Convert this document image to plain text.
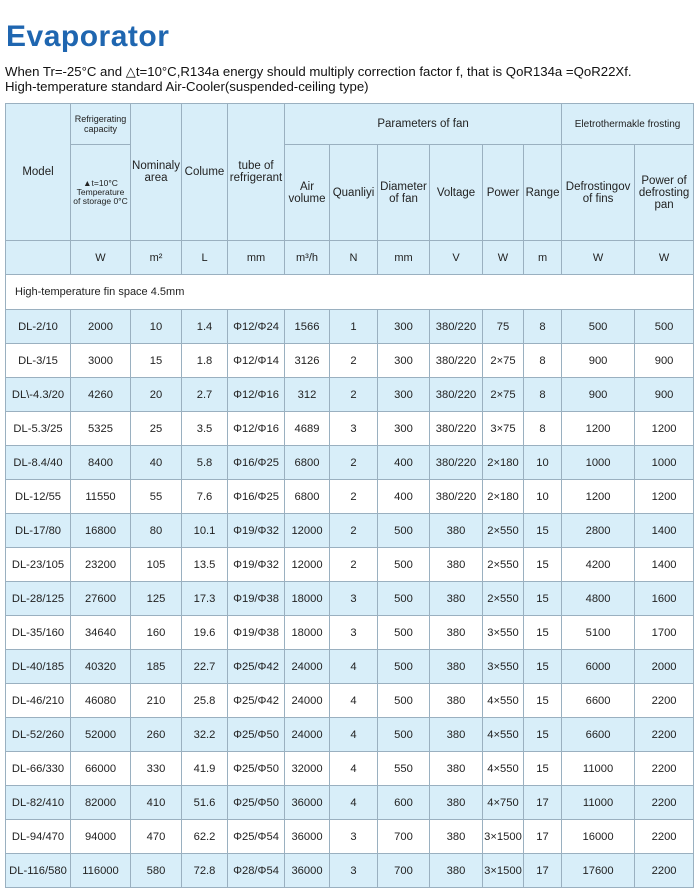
Evaporator
When Tr=-25°C and △t=10°C,R134a energy should multiply correction factor f, that is QoR134a =QoR22Xf.
High-temperature standard Air-Cooler(suspended-ceiling type)
Model	Refrigerating capacity	Nominaly area	Colume	tube of refrigerant	Parameters of fan						Eletrothermakle frosting	
	▲t=10°C Temperature of storage 0°C				Air volume	Quanliyi	Diameter of fan	Voltage	Power	Range	Defrostingov of fins	Power of defrosting pan
	W	m²	L	mm	m³/h	N	mm	V	W	m	W	W
High-temperature fin space 4.5mm												
DL-2/10	2000	10	1.4	Φ12/Φ24	1566	1	300	380/220	75	8	500	500
DL-3/15	3000	15	1.8	Φ12/Φ14	3126	2	300	380/220	2×75	8	900	900
DL\-4.3/20	4260	20	2.7	Φ12/Φ16	312	2	300	380/220	2×75	8	900	900
DL-5.3/25	5325	25	3.5	Φ12/Φ16	4689	3	300	380/220	3×75	8	1200	1200
DL-8.4/40	8400	40	5.8	Φ16/Φ25	6800	2	400	380/220	2×180	10	1000	1000
DL-12/55	11550	55	7.6	Φ16/Φ25	6800	2	400	380/220	2×180	10	1200	1200
DL-17/80	16800	80	10.1	Φ19/Φ32	12000	2	500	380	2×550	15	2800	1400
DL-23/105	23200	105	13.5	Φ19/Φ32	12000	2	500	380	2×550	15	4200	1400
DL-28/125	27600	125	17.3	Φ19/Φ38	18000	3	500	380	2×550	15	4800	1600
DL-35/160	34640	160	19.6	Φ19/Φ38	18000	3	500	380	3×550	15	5100	1700
DL-40/185	40320	185	22.7	Φ25/Φ42	24000	4	500	380	3×550	15	6000	2000
DL-46/210	46080	210	25.8	Φ25/Φ42	24000	4	500	380	4×550	15	6600	2200
DL-52/260	52000	260	32.2	Φ25/Φ50	24000	4	500	380	4×550	15	6600	2200
DL-66/330	66000	330	41.9	Φ25/Φ50	32000	4	550	380	4×550	15	11000	2200
DL-82/410	82000	410	51.6	Φ25/Φ50	36000	4	600	380	4×750	17	11000	2200
DL-94/470	94000	470	62.2	Φ25/Φ54	36000	3	700	380	3×1500	17	16000	2200
DL-116/580	116000	580	72.8	Φ28/Φ54	36000	3	700	380	3×1500	17	17600	2200
